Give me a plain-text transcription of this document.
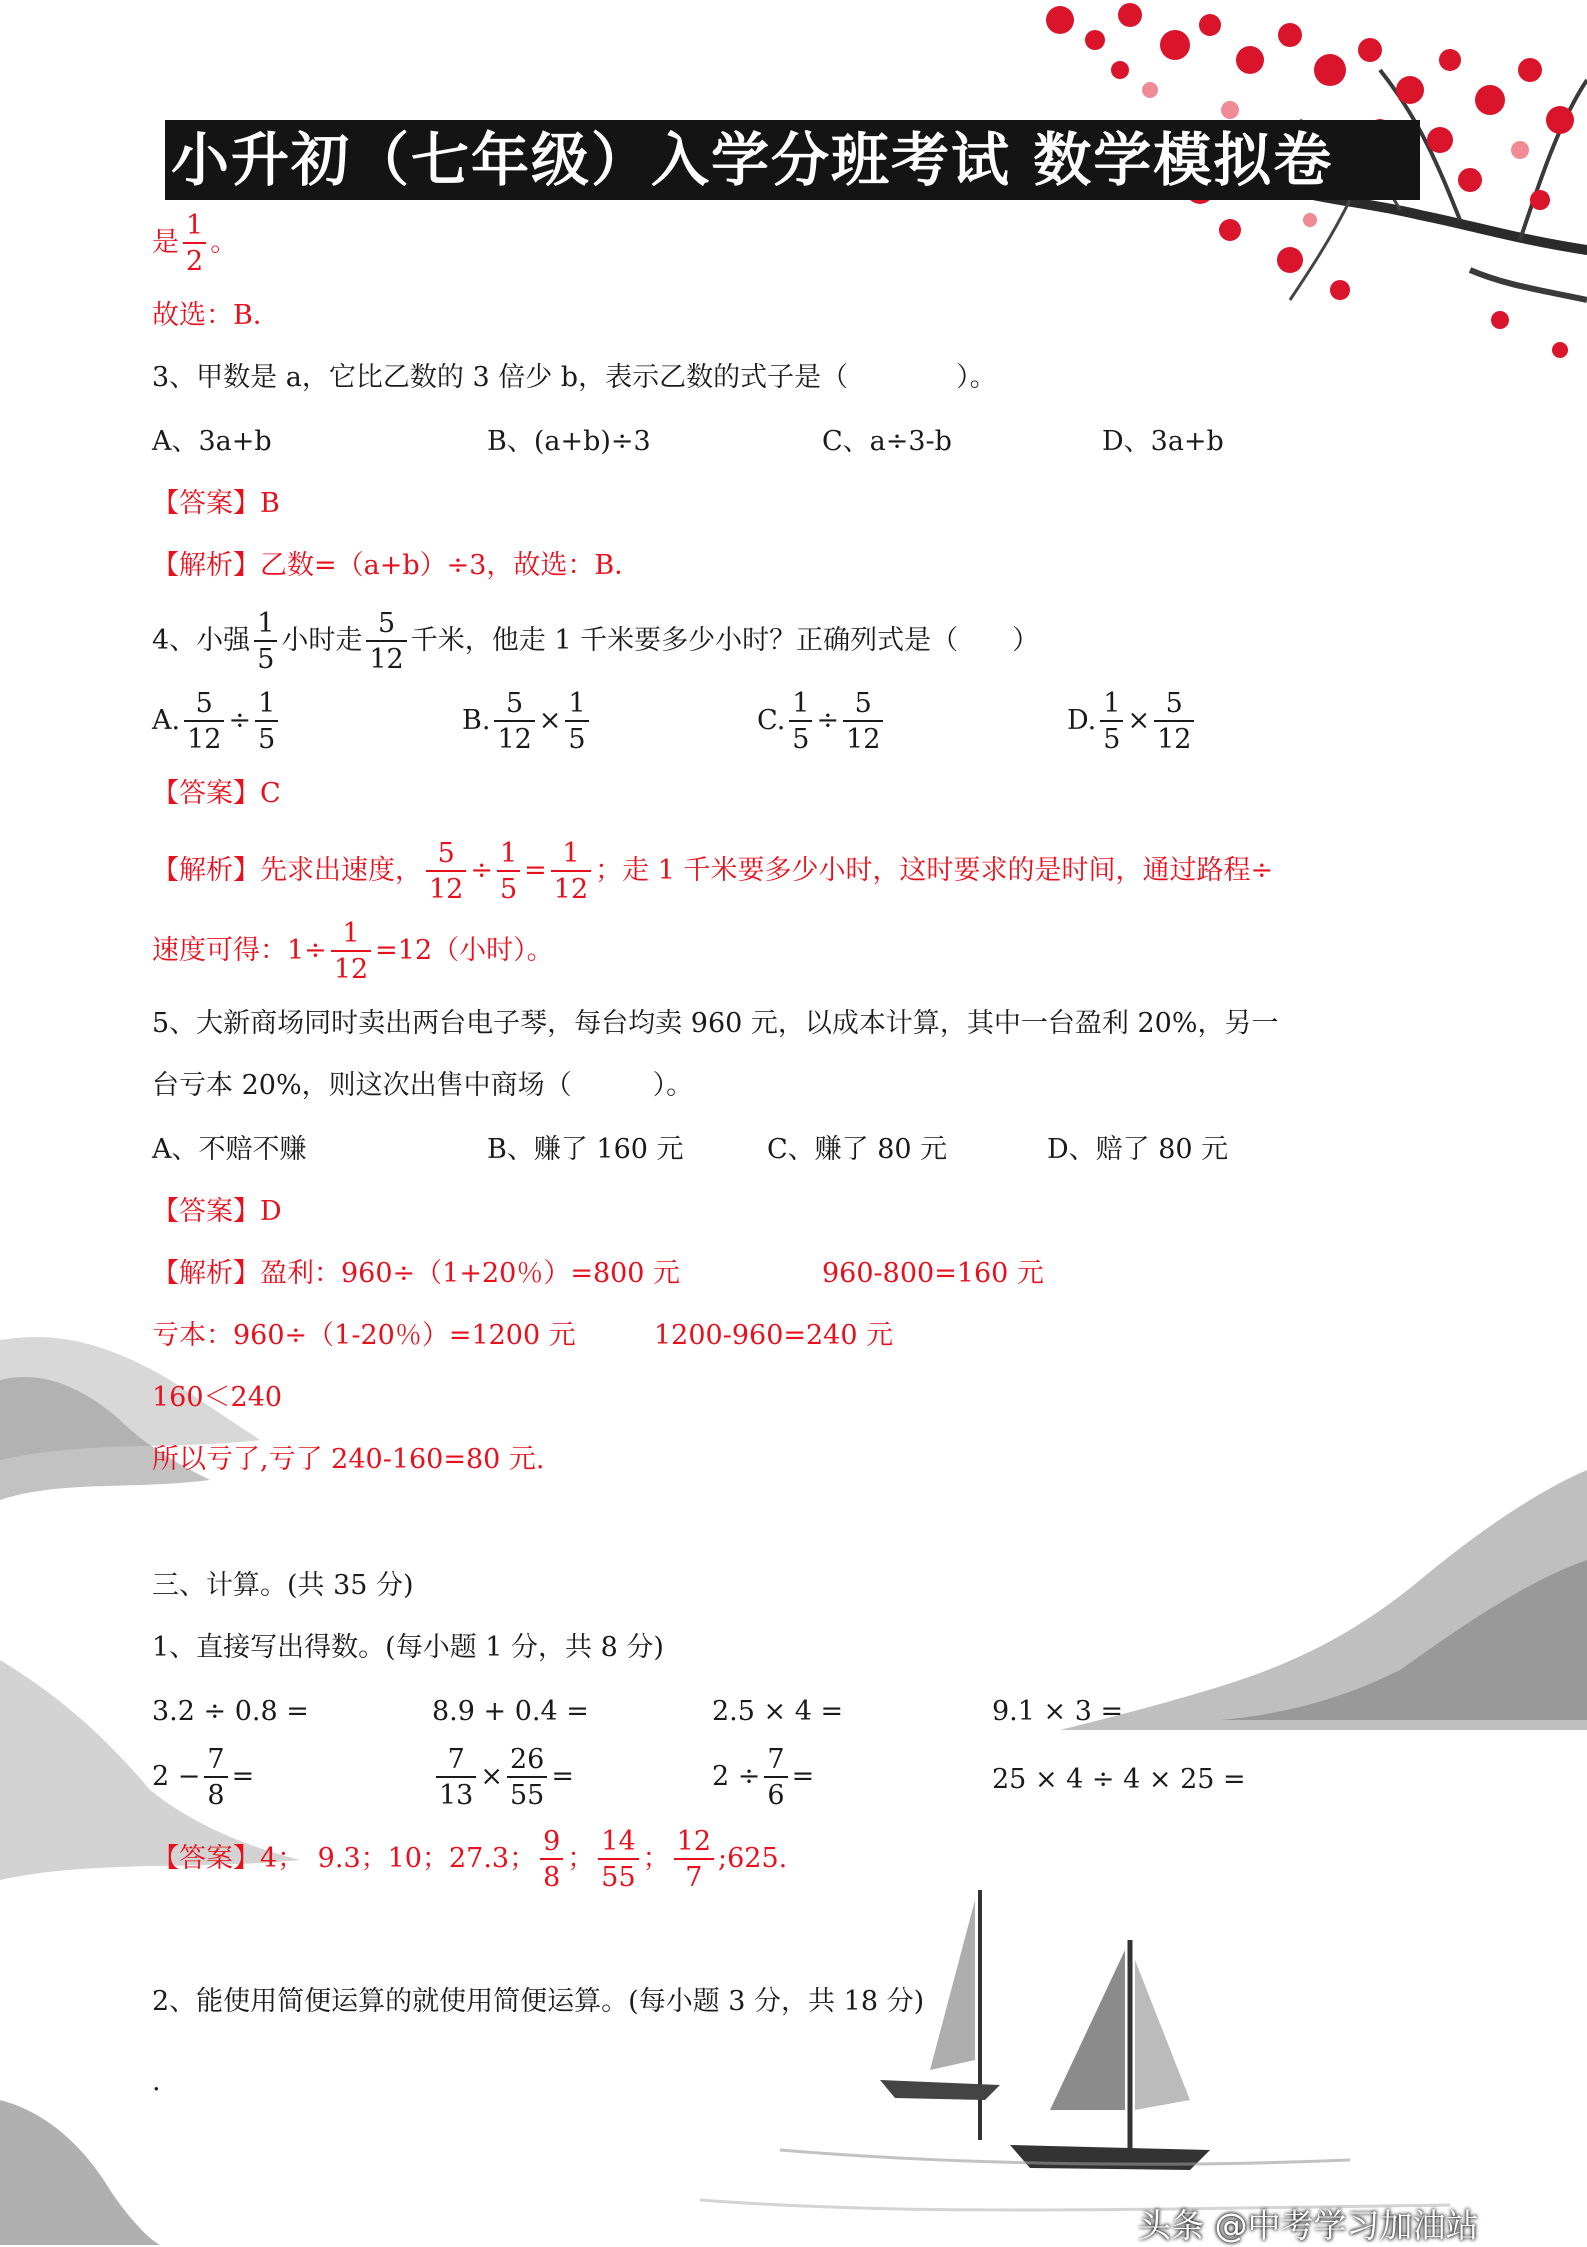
小升初（七年级）入学分班考试 数学模拟卷
是 $\frac{1}{2}$ 。
故选：B．
3、甲数是 a，它比乙数的 3 倍少 b，表示乙数的式子是（　　　　）。
A、3a+b	B、(a+b)÷3	C、a÷3-b	D、3a+b
【答案】B
【解析】乙数=（a+b）÷3，故选：B．
4、小强 $\frac{1}{5}$ 小时走 $\frac{5}{12}$ 千米，他走 1 千米要多少小时？正确列式是（　　）
A. $\frac{5}{12} \div \frac{1}{5}$	B. $\frac{5}{12} \times \frac{1}{5}$	C. $\frac{1}{5} \div \frac{5}{12}$	D. $\frac{1}{5} \times \frac{5}{12}$
【答案】C
【解析】先求出速度， $\frac{5}{12} \div \frac{1}{5} = \frac{1}{12}$ ；走 1 千米要多少小时，这时要求的是时间，通过路程÷
速度可得：$1\div \frac{1}{12} =12$（小时）。
5、大新商场同时卖出两台电子琴，每台均卖 960 元，以成本计算，其中一台盈利 20%，另一
台亏本 20%，则这次出售中商场（　　　）。
A、不赔不赚	B、赚了 160 元	C、赚了 80 元	D、赔了 80 元
【答案】D
【解析】盈利：960÷（1+20％）=800 元	960-800=160 元
亏本：960÷（1-20％）=1200 元	1200-960=240 元
160＜240
所以亏了,亏了 240-160=80 元.
三、计算。(共 35 分)
1、直接写出得数。(每小题 1 分，共 8 分)
3.2 ÷ 0.8 =	8.9 + 0.4 =	2.5 × 4 =	9.1 × 3 =
$2 - \frac{7}{8}$ =	$\frac{7}{13} \times \frac{26}{55}$ =	$2 \div \frac{7}{6}$ =	25 × 4 ÷ 4 × 25 =
【答案】4；　9.3；10；27.3； $\frac{9}{8}$ ； $\frac{14}{55}$ ； $\frac{12}{7}$ ;625.
2、能使用简便运算的就使用简便运算。(每小题 3 分，共 18 分)
.
头条 @中考学习加油站
